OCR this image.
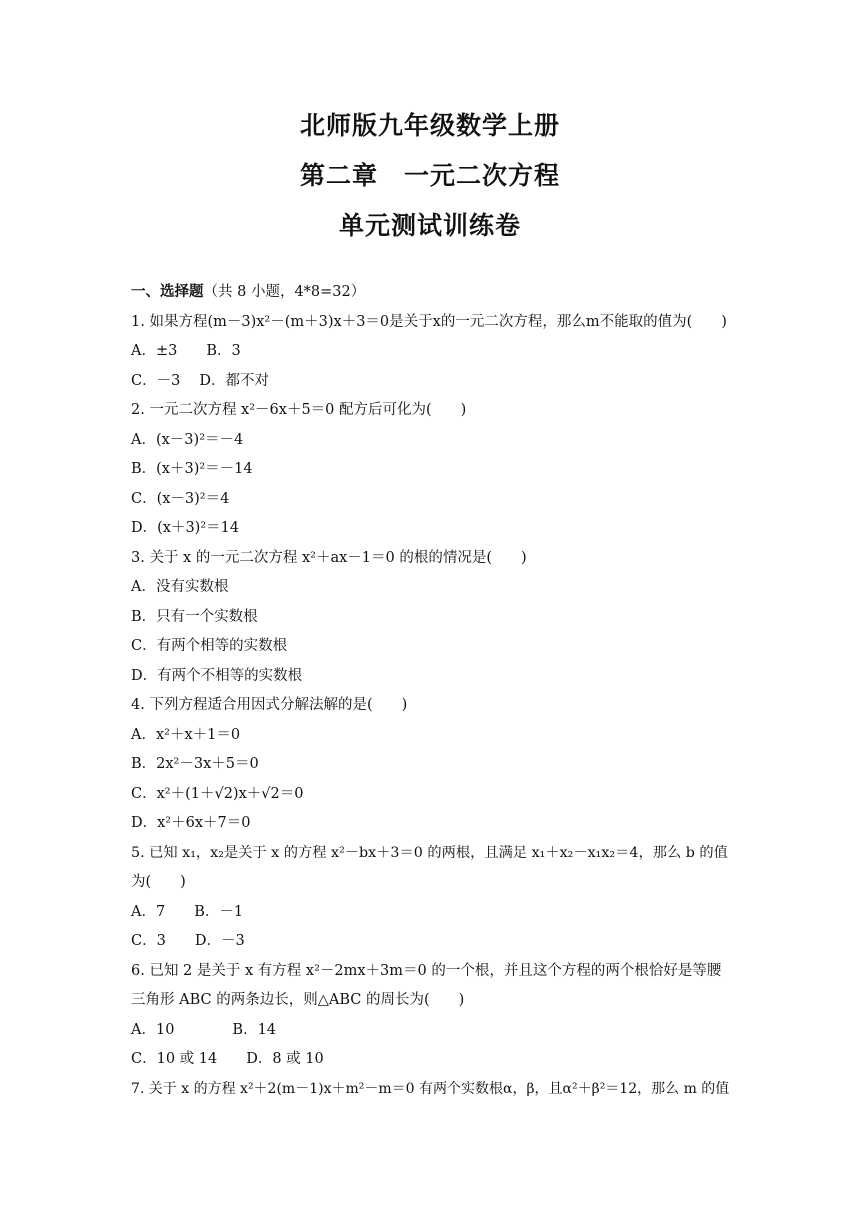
北师版九年级数学上册
第二章　一元二次方程
单元测试训练卷
一、选择题（共 8 小题，4*8=32）
1. 如果方程(m－3)x²－(m＋3)x＋3＝0是关于x的一元二次方程，那么m不能取的值为(　　)
A．±3　　B．3
C．－3　 D．都不对
2. 一元二次方程 x²－6x＋5＝0 配方后可化为(　　)
A．(x－3)²＝－4
B．(x＋3)²＝－14
C．(x－3)²＝4
D．(x＋3)²＝14
3. 关于 x 的一元二次方程 x²＋ax－1＝0 的根的情况是(　　)
A．没有实数根
B．只有一个实数根
C．有两个相等的实数根
D．有两个不相等的实数根
4. 下列方程适合用因式分解法解的是(　　)
A．x²＋x＋1＝0
B．2x²－3x＋5＝0
C．x²＋(1＋√2)x＋√2＝0
D．x²＋6x＋7＝0
5. 已知 x₁，x₂是关于 x 的方程 x²－bx＋3＝0 的两根，且满足 x₁＋x₂－x₁x₂＝4，那么 b 的值
为(　　)
A．7　　B．－1
C．3　　D．－3
6. 已知 2 是关于 x 有方程 x²－2mx＋3m＝0 的一个根，并且这个方程的两个根恰好是等腰
三角形 ABC 的两条边长，则△ABC 的周长为(　　)
A．10　　　　B．14
C．10 或 14　　D．8 或 10
7. 关于 x 的方程 x²＋2(m－1)x＋m²－m＝0 有两个实数根α，β，且α²＋β²＝12，那么 m 的值
